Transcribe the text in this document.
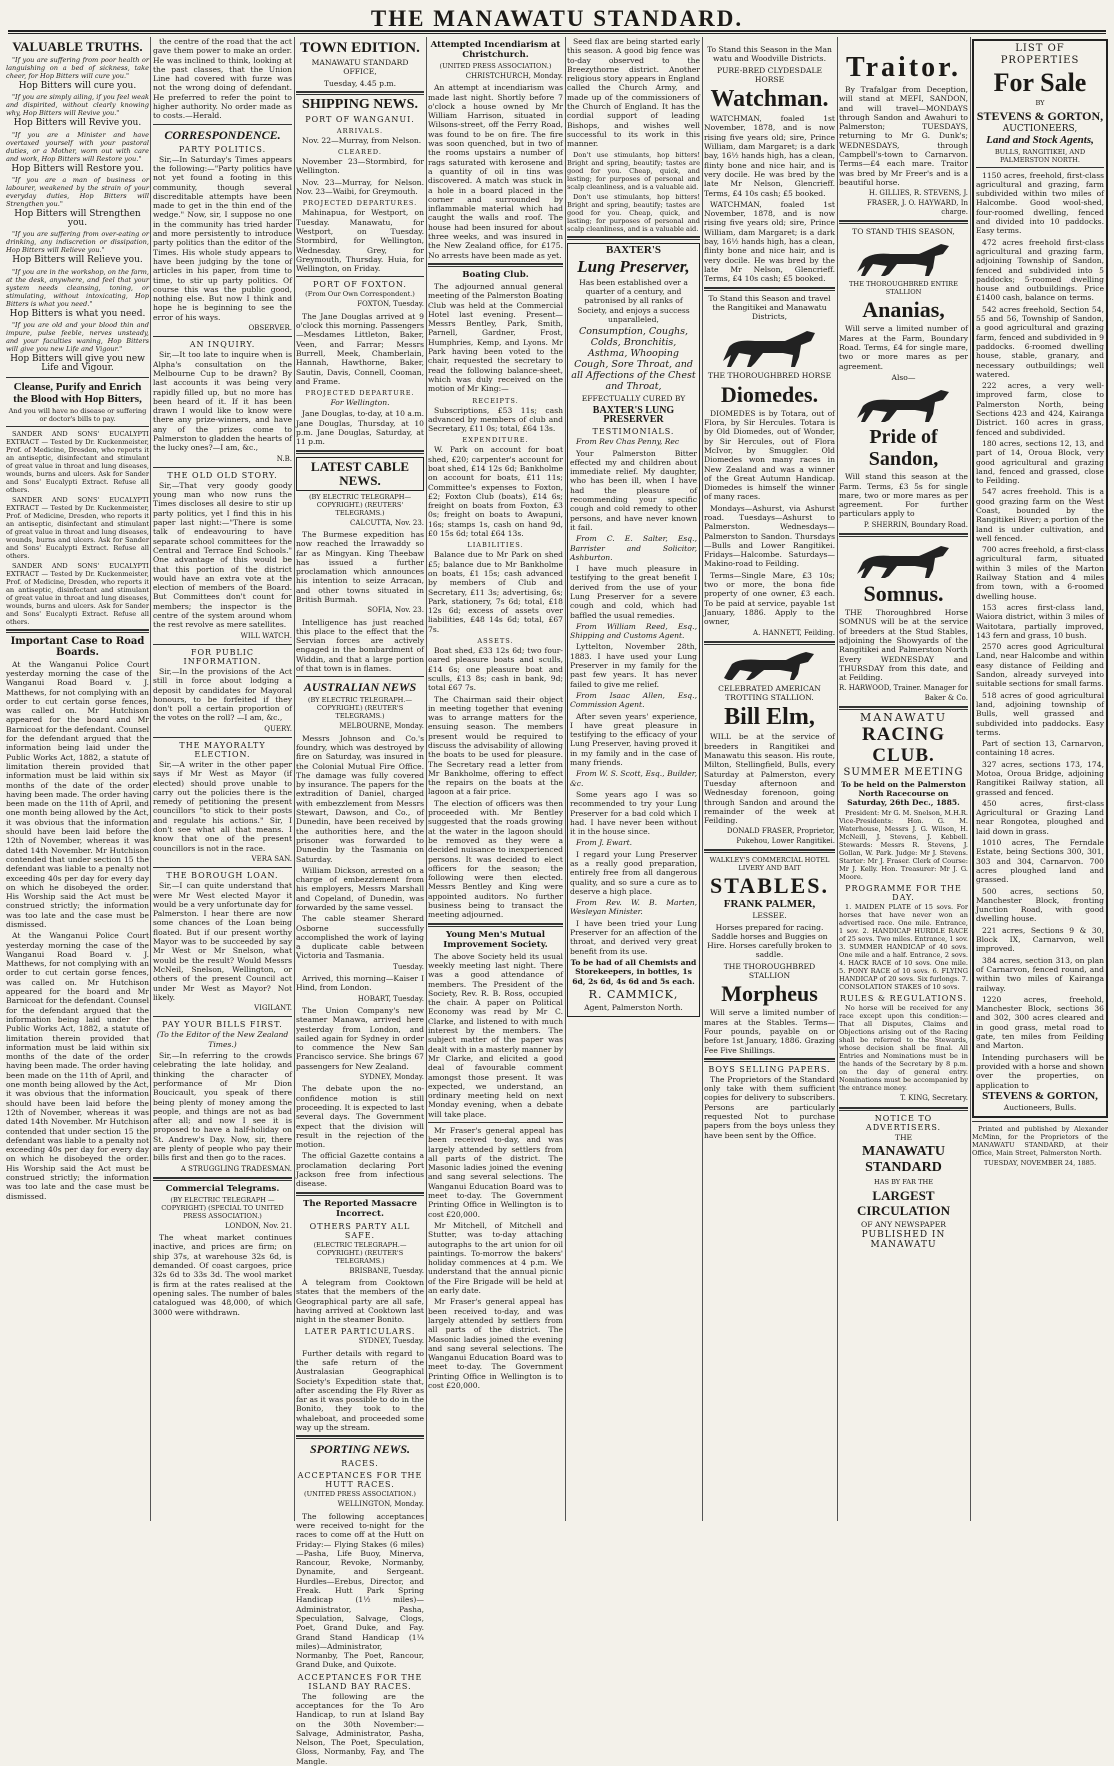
THE MANAWATU STANDARD.
VALUABLE TRUTHS.

"If you are suffering from poor health or languishing on a bed of sickness, take cheer, for Hop Bitters will cure you."

Hop Bitters will cure you.

"If you are simply ailing, if you feel weak and dispirited, without clearly knowing why, Hop Bitters will Revive you."

Hop Bitters will Revive you.

"If you are a Minister and have overtaxed yourself with your pastoral duties, or a Mother, worn out with care and work, Hop Bitters will Restore you."

Hop Bitters will Restore you.

"If you are a man of business or labourer, weakened by the strain of your everyday duties, Hop Bitters will Strengthen you."

Hop Bitters will Strengthen you.

"If you are suffering from over-eating or drinking, any indiscretion or dissipation, Hop Bitters will Relieve you."

Hop Bitters will Relieve you.

"If you are in the workshop, on the farm, at the desk, anywhere, and feel that your system needs cleansing, toning, or stimulating, without intoxicating, Hop Bitters is what you need."

Hop Bitters is what you need.

"If you are old and your blood thin and impure, pulse feeble, nerves unsteady, and your faculties waning, Hop Bitters will give you new Life and Vigour."

Hop Bitters will give you new Life and Vigour.

Cleanse, Purify and Enrich the Blood with Hop Bitters,

And you will have no disease or suffering or doctor's bills to pay.

SANDER AND SONS' EUCALYPTI EXTRACT — Tested by Dr. Kuckenmeister, Prof. of Medicine, Dresden, who reports it an antiseptic, disinfectant and stimulant of great value in throat and lung diseases, wounds, burns and ulcers. Ask for Sander and Sons' Eucalypti Extract. Refuse all others.

SANDER AND SONS' EUCALYPTI EXTRACT — Tested by Dr. Kuckenmeister, Prof. of Medicine, Dresden, who reports it an antiseptic, disinfectant and stimulant of great value in throat and lung diseases, wounds, burns and ulcers. Ask for Sander and Sons' Eucalypti Extract. Refuse all others.

SANDER AND SONS' EUCALYPTI EXTRACT — Tested by Dr. Kuckenmeister, Prof. of Medicine, Dresden, who reports it an antiseptic, disinfectant and stimulant of great value in throat and lung diseases, wounds, burns and ulcers. Ask for Sander and Sons' Eucalypti Extract. Refuse all others.

Important Case to Road Boards.

At the Wanganui Police Court yesterday morning the case of the Wanganui Road Board v. J. Matthews, for not complying with an order to cut certain gorse fences, was called on. Mr Hutchison appeared for the board and Mr Barnicoat for the defendant. Counsel for the defendant argued that the information being laid under the Public Works Act, 1882, a statute of limitation therein provided that information must be laid within six months of the date of the order having been made. The order having been made on the 11th of April, and one month being allowed by the Act, it was obvious that the information should have been laid before the 12th of November, whereas it was dated 14th November. Mr Hutchison contended that under section 15 the defendant was liable to a penalty not exceeding 40s per day for every day on which he disobeyed the order. His Worship said the Act must be construed strictly; the information was too late and the case must be dismissed.

At the Wanganui Police Court yesterday morning the case of the Wanganui Road Board v. J. Matthews, for not complying with an order to cut certain gorse fences, was called on. Mr Hutchison appeared for the board and Mr Barnicoat for the defendant. Counsel for the defendant argued that the information being laid under the Public Works Act, 1882, a statute of limitation therein provided that information must be laid within six months of the date of the order having been made. The order having been made on the 11th of April, and one month being allowed by the Act, it was obvious that the information should have been laid before the 12th of November, whereas it was dated 14th November. Mr Hutchison contended that under section 15 the defendant was liable to a penalty not exceeding 40s per day for every day on which he disobeyed the order. His Worship said the Act must be construed strictly; the information was too late and the case must be dismissed.

the centre of the road that the act gave them power to make an order. He was inclined to think, looking at the past classes, that the Union Line had covered with furze was not the wrong doing of defendant. He preferred to refer the point to higher authority. No order made as to costs.—Herald.

CORRESPONDENCE.
PARTY POLITICS.

Sir,—In Saturday's Times appears the following:—"Party politics have not yet found a footing in this community, though several discreditable attempts have been made to get in the thin end of the wedge." Now, sir, I suppose no one in the community has tried harder and more persistently to introduce party politics than the editor of the Times. His whole study appears to have been judging by the tone of articles in his paper, from time to time, to stir up party politics. Of course this was the public good, nothing else. But now I think and hope he is beginning to see the error of his ways.

OBSERVER.

AN INQUIRY.

Sir,—It too late to inquire when is Alpha's consultation on the Melbourne Cup to be drawn? By last accounts it was being very rapidly filled up, but no more has been heard of it. If it has been drawn I would like to know were there any prize-winners, and have any of the prizes come to Palmerston to gladden the hearts of the lucky ones?—I am, &c.,

N.B.

THE OLD OLD STORY.

Sir,—That very goody goody young man who now runs the Times discloses all desire to stir up party politics, yet I find this in his paper last night:—"There is some talk of endeavouring to have separate school committees for the Central and Terrace End Schools." One advantage of this would be that this portion of the district would have an extra vote at the election of members of the Board. But Committees don't count for members; the inspector is the centre of the system around whom the rest revolve as mere satellites.

WILL WATCH.

FOR PUBLIC INFORMATION.

Sir,—In the provisions of the Act still in force about lodging a deposit by candidates for Mayoral honours, to be forfeited if they don't poll a certain proportion of the votes on the roll? —I am, &c.,

QUERY.

THE MAYORALTY ELECTION.

Sir,—A writer in the other paper says if Mr West as Mayor (if elected) should prove unable to carry out the policies there is the remedy of petitioning the present councillors "to stick to their posts and regulate his actions." Sir, I don't see what all that means. I know that one of the present councillors is not in the race.

VERA SAN.

THE BOROUGH LOAN.

Sir,—I can quite understand that were Mr West elected Mayor it would be a very unfortunate day for Palmerston. I hear there are now some chances of the Loan being floated. But if our present worthy Mayor was to be succeeded by say Mr West or Mr Snelson, what would be the result? Would Messrs McNeil, Snelson, Wellington, or others of the present Council act under Mr West as Mayor? Not likely.

VIGILANT.

PAY YOUR BILLS FIRST.

(To the Editor of the New Zealand Times.)

Sir,—In referring to the crowds celebrating the late holiday, and thinking the character of performance of Mr Dion Boucicault, you speak of there being plenty of money among the people, and things are not as bad after all; and now I see it is proposed to have a half-holiday on St. Andrew's Day. Now, sir, there are plenty of people who pay their bills first and then go to the races.

A STRUGGLING TRADESMAN.

Commercial Telegrams.

(BY ELECTRIC TELEGRAPH — COPYRIGHT) (SPECIAL TO UNITED PRESS ASSOCIATION.)

LONDON, Nov. 21.

The wheat market continues inactive, and prices are firm; on ship 37s, at warehouse 32s 6d, is demanded. Of coast cargoes, price 32s 6d to 33s 3d. The wool market is firm at the rates realised at the opening sales. The number of bales catalogued was 48,000, of which 3000 were withdrawn.

TOWN EDITION.

MANAWATU STANDARD OFFICE,

Tuesday, 4.45 p.m.

SHIPPING NEWS.
PORT OF WANGANUI.
ARRIVALS.

Nov. 22—Murray, from Nelson.

CLEARED.

November 23—Stormbird, for Wellington.

Nov. 23—Murray, for Nelson. Nov. 23—Waibi, for Greymouth.

PROJECTED DEPARTURES.

Mahinapua, for Westport, on Tuesday. Manawatu, for Westport, on Tuesday. Stormbird, for Wellington, Wednesday. Grey, for Greymouth, Thursday. Huia, for Wellington, on Friday.

PORT OF FOXTON.

(From Our Own Correspondent.)

FOXTON, Tuesday.

The Jane Douglas arrived at 9 o'clock this morning. Passengers—Mesdames Littleton, Baker, Veen, and Farrar; Messrs Burrell, Meek, Chamberlain, Hannah, Hawthorne, Baker, Sautin, Davis, Connell, Cooman, and Frame.

PROJECTED DEPARTURE.

For Wellington.

Jane Douglas, to-day, at 10 a.m. Jane Douglas, Thursday, at 10 p.m. Jane Douglas, Saturday, at 11 p.m.

LATEST CABLE NEWS.

(BY ELECTRIC TELEGRAPH—COPYRIGHT.) (REUTERS' TELEGRAMS.)

CALCUTTA, Nov. 23.

The Burmese expedition has now reached the Irrawaddy so far as Mingyan. King Theebaw has issued a further proclamation which announces his intention to seize Arracan, and other towns situated in British Burmah.

SOFIA, Nov. 23.

Intelligence has just reached this place to the effect that the Servian forces are actively engaged in the bombardment of Widdin, and that a large portion of that town is in flames.

AUSTRALIAN NEWS

(BY ELECTRIC TELEGRAPH.—COPYRIGHT.) (REUTER'S TELEGRAMS.)

MELBOURNE, Monday.

Messrs Johnson and Co.'s foundry, which was destroyed by fire on Saturday, was insured in the Colonial Mutual Fire Office. The damage was fully covered by insurance. The papers for the extradition of Daniel, charged with embezzlement from Messrs Stewart, Dawson, and Co., of Dunedin, have been received by the authorities here, and the prisoner was forwarded to Dunedin by the Tasmania on Saturday.

William Dickson, arrested on a charge of embezzlement from his employers, Messrs Marshall and Copeland, of Dunedin, was forwarded by the same vessel.

The cable steamer Sherard Osborne successfully accomplished the work of laying a duplicate cable between Victoria and Tasmania.

Tuesday.

Arrived, this morning—Kaiser I Hind, from London.

HOBART, Tuesday.

The Union Company's new steamer Manawa, arrived here yesterday from London, and sailed again for Sydney in order to commence the New San Francisco service. She brings 67 passengers for New Zealand.

SYDNEY, Monday.

The debate upon the no-confidence motion is still proceeding. It is expected to last several days. The Government expect that the division will result in the rejection of the motion.

The official Gazette contains a proclamation declaring Port Jackson free from infectious disease.

The Reported Massacre Incorrect.
OTHERS PARTY ALL SAFE.

(ELECTRIC TELEGRAPH.—COPYRIGHT.) (REUTER'S TELEGRAMS.)

BRISBANE, Tuesday.

A telegram from Cooktown states that the members of the Geographical party are all safe, having arrived at Cooktown last night in the steamer Bonito.

LATER PARTICULARS.

SYDNEY, Tuesday.

Further details with regard to the safe return of the Australasian Geographical Society's Expedition state that, after ascending the Fly River as far as it was possible to do in the Bonito, they took to the whaleboat, and proceeded some way up the stream.

SPORTING NEWS.
RACES.
ACCEPTANCES FOR THE HUTT RACES.

(UNITED PRESS ASSOCIATION.)

WELLINGTON, Monday.

The following acceptances were received to-night for the races to come off at the Hutt on Friday:— Flying Stakes (6 miles)—Pasha, Life Buoy, Minerva, Rancour, Revoke, Normanby, Dynamite, and Sergeant. Hurdles—Erebus, Director, and Freak. Hutt Park Spring Handicap (1½ miles)—Administrator, Pasha, Speculation, Salvage, Clogs, Poet, Grand Duke, and Fay. Grand Stand Handicap (1¼ miles)—Administrator, Normanby, The Poet, Rancour, Grand Duke, and Quixote.

ACCEPTANCES FOR THE ISLAND BAY RACES.

The following are the acceptances for the To Aro Handicap, to run at Island Bay on the 30th November:—Salvage, Administrator, Pasha, Nelson, The Poet, Speculation, Gloss, Normanby, Fay, and The Mangle.

Attempted Incendiarism at Christchurch.

(UNITED PRESS ASSOCIATION.)

CHRISTCHURCH, Monday.

An attempt at incendiarism was made last night. Shortly before 7 o'clock a house owned by Mr William Harrison, situated in Wilsons-street, off the Ferry Road, was found to be on fire. The fire was soon quenched, but in two of the rooms upstairs a number of rags saturated with kerosene and a quantity of oil in tins was discovered. A match was stuck in a hole in a board placed in the corner and surrounded by inflammable material which had caught the walls and roof. The house had been insured for about three weeks, and was insured in the New Zealand office, for £175. No arrests have been made as yet.

Boating Club.

The adjourned annual general meeting of the Palmerston Boating Club was held at the Commercial Hotel last evening. Present—Messrs Bentley, Park, Smith, Parnell, Gardner, Frost, Humphries, Kemp, and Lyons. Mr Park having been voted to the chair, requested the secretary to read the following balance-sheet, which was duly received on the motion of Mr King:—

RECEIPTS.

Subscriptions, £53 11s; cash advanced by members of club and Secretary, £11 0s; total, £64 13s.

EXPENDITURE.

W. Park on account for boat shed, £20; carpenter's account for boat shed, £14 12s 6d; Bankholme on account for boats, £11 11s; Committee's expenses to Foxton, £2; Foxton Club (boats), £14 6s; freight on boats from Foxton, £3 0s; freight on boats to Awapuni, 16s; stamps 1s, cash on hand 9d, £0 15s 6d; total £64 13s.

LIABILITIES.

Balance due to Mr Park on shed £5; balance due to Mr Bankholme on boats, £1 15s; cash advanced by members of Club and Secretary, £11 3s; advertising, 6s; Park, stationery, 7s 6d; total, £18 12s 6d; excess of assets over liabilities, £48 14s 6d; total, £67 7s.

ASSETS.

Boat shed, £33 12s 6d; two four-oared pleasure boats and sculls, £14 6s; one pleasure boat and sculls, £13 8s; cash in bank, 9d; total £67 7s.

The Chairman said their object in meeting together that evening was to arrange matters for the ensuing season. The members present would be required to discuss the advisability of allowing the boats to be used for pleasure. The Secretary read a letter from Mr Bankholme, offering to effect the repairs on the boats at the lagoon at a fair price.

The election of officers was then proceeded with. Mr Bentley suggested that the roads growing at the water in the lagoon should be removed as they were a decided nuisance to inexperienced persons. It was decided to elect officers for the season; the following were then elected. Messrs Bentley and King were appointed auditors. No further business being to transact the meeting adjourned.

Young Men's Mutual Improvement Society.

The above Society held its usual weekly meeting last night. There was a good attendance of members. The President of the Society, Rev. R. B. Ross, occupied the chair. A paper on Political Economy was read by Mr C. Clarke, and listened to with much interest by the members. The subject matter of the paper was dealt with in a masterly manner by Mr Clarke, and elicited a good deal of favourable comment amongst those present. It was expected, we understand, an ordinary meeting held on next Monday evening, when a debate will take place.

Mr Fraser's general appeal has been received to-day, and was largely attended by settlers from all parts of the district. The Masonic ladies joined the evening and sang several selections. The Wanganui Education Board was to meet to-day. The Government Printing Office in Wellington is to cost £20,000.

Mr Mitchell, of Mitchell and Stutter, was to-day attaching autographs to the art union for oil paintings. To-morrow the bakers' holiday commences at 4 p.m. We understand that the annual picnic of the Fire Brigade will be held at an early date.

Mr Fraser's general appeal has been received to-day, and was largely attended by settlers from all parts of the district. The Masonic ladies joined the evening and sang several selections. The Wanganui Education Board was to meet to-day. The Government Printing Office in Wellington is to cost £20,000.

Seed flax are being started early this season. A good big fence was to-day observed to the Breezythorne district. Another religious story appears in England called the Church Army, and made up of the commissioners of the Church of England. It has the cordial support of leading Bishops, and wishes well successful to its work in this manner.

Don't use stimulants, hop bitters! Bright and spring, beautify; tastes are good for you. Cheap, quick, and lasting; for purposes of personal and scalp cleanliness, and is a valuable aid.

Don't use stimulants, hop bitters! Bright and spring, beautify; tastes are good for you. Cheap, quick, and lasting; for purposes of personal and scalp cleanliness, and is a valuable aid.

BAXTER'S

Lung Preserver,

Has been established over a quarter of a century, and patronised by all ranks of Society, and enjoys a success unparalleled,

Consumption, Coughs, Colds, Bronchitis, Asthma, Whooping Cough, Sore Throat, and all Affections of the Chest and Throat,

EFFECTUALLY CURED BY

BAXTER'S LUNG PRESERVER

TESTIMONIALS.

From Rev Chas Penny, Rec

Your Palmerston Bitter effected my and children about immediate relief. My daughter, who has been ill, when I have had the pleasure of recommending your specific cough and cold remedy to other persons, and have never known it fail.

From C. E. Salter, Esq., Barrister and Solicitor, Ashburton.

I have much pleasure in testifying to the great benefit I derived from the use of your Lung Preserver for a severe cough and cold, which had baffled the usual remedies.

From William Reed, Esq., Shipping and Customs Agent.

Lyttelton, November 28th, 1883. I have used your Lung Preserver in my family for the past few years. It has never failed to give me relief.

From Isaac Allen, Esq., Commission Agent.

After seven years' experience, I have great pleasure in testifying to the efficacy of your Lung Preserver, having proved it in my family and in the case of many friends.

From W. S. Scott, Esq., Builder, &c.

Some years ago I was so recommended to try your Lung Preserver for a bad cold which I had. I have never been without it in the house since.

From J. Ewart.

I regard your Lung Preserver as a really good preparation, entirely free from all dangerous quality, and so sure a cure as to deserve a high place.

From Rev. W. B. Marten, Wesleyan Minister.

I have been tried your Lung Preserver for an affection of the throat, and derived very great benefit from its use.

To be had of all Chemists and Storekeepers, in bottles, 1s 6d, 2s 6d, 4s 6d and 5s each.

R. CAMMICK,

Agent, Palmerston North.

To Stand this Season in the Man watu and Woodville Districts.

PURE-BRED CLYDESDALE HORSE

Watchman.

WATCHMAN, foaled 1st November, 1878, and is now rising five years old; sire, Prince William, dam Margaret; is a dark bay, 16½ hands high, has a clean, flinty bone and nice hair, and is very docile. He was bred by the late Mr Nelson, Glencrieff. Terms, £4 10s cash; £5 booked.

WATCHMAN, foaled 1st November, 1878, and is now rising five years old; sire, Prince William, dam Margaret; is a dark bay, 16½ hands high, has a clean, flinty bone and nice hair, and is very docile. He was bred by the late Mr Nelson, Glencrieff. Terms, £4 10s cash; £5 booked.

To Stand this Season and travel the Rangitikei and Manawatu Districts,

THE THOROUGHBRED HORSE

Diomedes.

DIOMEDES is by Totara, out of Flora, by Sir Hercules. Totara is by Old Diomedes, out of Wonder, by Sir Hercules, out of Flora McIvor, by Smuggler. Old Diomedes won many races in New Zealand and was a winner of the Great Autumn Handicap. Diomedes is himself the winner of many races.

Mondays—Ashurst, via Ashurst road. Tuesdays—Ashurst to Palmerston. Wednesdays—Palmerston to Sandon. Thursdays—Bulls and Lower Rangitikei. Fridays—Halcombe. Saturdays—Makino-road to Feilding.

Terms—Single Mare, £3 10s; two or more, the bona fide property of one owner, £3 each. To be paid at service, payable 1st January, 1886. Apply to the owner,

A. HANNETT, Feilding.

CELEBRATED AMERICAN TROTTING STALLION.

Bill Elm,

WILL be at the service of breeders in Rangitikei and Manawatu this season. His route, Milton, Stellingfield, Bulls, every Saturday at Palmerston, every Tuesday afternoon and Wednesday forenoon, going through Sandon and around the remainder of the week at Feilding.

DONALD FRASER, Proprietor, Pukehou, Lower Rangitikei.

WALKLEY'S COMMERCIAL HOTEL LIVERY AND BAIT

STABLES.

FRANK PALMER,

LESSEE.

Horses prepared for racing. Saddle horses and Buggies on Hire. Horses carefully broken to saddle.

THE THOROUGHBRED STALLION

Morpheus

Will serve a limited number of mares at the Stables. Terms—Four pounds, payable on or before 1st January, 1886. Grazing Fee Five Shillings.

BOYS SELLING PAPERS.

The Proprietors of the Standard only take with them sufficient copies for delivery to subscribers. Persons are particularly requested Not to purchase papers from the boys unless they have been sent by the Office.

Traitor.

By Trafalgar from Deception, will stand at MEFI, SANDON, and will travel—MONDAYS through Sandon and Awahuri to Palmerston; TUESDAYS, returning to Mr G. Dunk's; WEDNESDAYS, through Campbell's-town to Carnarvon. Terms—£4 each mare. Traitor was bred by Mr Freer's and is a beautiful horse.

H. GILLIES, R. STEVENS, J. FRASER, J. O. HAYWARD, In charge.

TO STAND THIS SEASON,

THE THOROUGHBRED ENTIRE STALLION

Ananias,

Will serve a limited number of Mares at the Farm, Boundary Road. Terms, £4 for single mare, two or more mares as per agreement.

Also—

Pride of Sandon,

Will stand this season at the Farm. Terms, £3 5s for single mare, two or more mares as per agreement. For further particulars apply to

P. SHERRIN, Boundary Road.

Somnus.

THE Thoroughbred Horse SOMNUS will be at the service of breeders at the Stud Stables, adjoining the Showyards of the Rangitikei and Palmerston North Every WEDNESDAY and THURSDAY from this date, and at Feilding.

R. HARWOOD, Trainer. Manager for Baker & Co.

MANAWATU

RACING CLUB.

SUMMER MEETING

To be held on the Palmerston North Racecourse on Saturday, 26th Dec., 1885.

President: Mr G. M. Snelson, M.H.R. Vice-Presidents: Hon. G. M. Waterhouse, Messrs J. G. Wilson, H. McNeill, J. Stevens, J. Kebbell. Stewards: Messrs R. Stevens, J. Gollan, W. Park. Judge: Mr J. Stevens. Starter: Mr J. Fraser. Clerk of Course: Mr J. Kelly. Hon. Treasurer: Mr J. G. Moore.

PROGRAMME FOR THE DAY.

1. MAIDEN PLATE of 15 sovs. For horses that have never won an advertised race. One mile. Entrance, 1 sov. 2. HANDICAP HURDLE RACE of 25 sovs. Two miles. Entrance, 1 sov. 3. SUMMER HANDICAP of 40 sovs. One mile and a half. Entrance, 2 sovs. 4. HACK RACE of 10 sovs. One mile. 5. PONY RACE of 10 sovs. 6. FLYING HANDICAP of 20 sovs. Six furlongs. 7. CONSOLATION STAKES of 10 sovs.

RULES & REGULATIONS.

No horse will be received for any race except upon this condition:—That all Disputes, Claims and Objections arising out of the Racing shall be referred to the Stewards, whose decision shall be final. All Entries and Nominations must be in the hands of the Secretary by 8 p.m. on the day of general entry. Nominations must be accompanied by the entrance money.

T. KING, Secretary.

NOTICE TO ADVERTISERS.

THE

MANAWATU STANDARD

HAS BY FAR THE

LARGEST CIRCULATION

OF ANY NEWSPAPER

PUBLISHED IN MANAWATU

LIST OF PROPERTIES

For Sale

BY

STEVENS & GORTON,

AUCTIONEERS,

Land and Stock Agents,

BULLS, RANGITIKEI, AND PALMERSTON NORTH.

1150 acres, freehold, first-class agricultural and grazing, farm subdivided within two miles of Halcombe. Good wool-shed, four-roomed dwelling, fenced and divided into 10 paddocks. Easy terms.

472 acres freehold first-class agricultural and grazing farm, adjoining Township of Sandon, fenced and subdivided into 5 paddocks; 5-roomed dwelling house and outbuildings. Price £1400 cash, balance on terms.

542 acres freehold, Section 54, 55 and 56, Township of Sandon, a good agricultural and grazing farm, fenced and subdivided in 9 paddocks. 6-roomed dwelling house, stable, granary, and necessary outbuildings; well watered.

222 acres, a very well-improved farm, close to Palmerston North, being Sections 423 and 424, Kairanga District. 160 acres in grass, fenced and subdivided.

180 acres, sections 12, 13, and part of 14, Oroua Block, very good agricultural and grazing land, fenced and grassed, close to Feilding.

547 acres freehold. This is a good grazing farm on the West Coast, bounded by the Rangitikei River; a portion of the land is under cultivation, and well fenced.

700 acres freehold, a first-class agricultural farm, situated within 3 miles of the Marton Railway Station and 4 miles from town, with a 6-roomed dwelling house.

153 acres first-class land, Waiora district, within 3 miles of Waitotara, partially improved, 143 fern and grass, 10 bush.

2570 acres good Agricultural Land, near Halcombe and within easy distance of Feilding and Sandon, already surveyed into suitable sections for small farms.

518 acres of good agricultural land, adjoining township of Bulls, well grassed and subdivided into paddocks. Easy terms.

Part of section 13, Carnarvon, containing 18 acres.

327 acres, sections 173, 174, Motoa, Oroua Bridge, adjoining Rangitikei Railway station, all grassed and fenced.

450 acres, first-class Agricultural or Grazing Land near Rongotea, ploughed and laid down in grass.

1010 acres, The Ferndale Estate, being Sections 300, 301, 303 and 304, Carnarvon. 700 acres ploughed land and grassed.

500 acres, sections 50, Manchester Block, fronting Junction Road, with good dwelling house.

221 acres, Sections 9 & 30, Block IX, Carnarvon, well improved.

384 acres, section 313, on plan of Carnarvon, fenced round, and within two miles of Kairanga railway.

1220 acres, freehold, Manchester Block, sections 36 and 302, 300 acres cleared and in good grass, metal road to gate, ten miles from Feilding and Marton.

Intending purchasers will be provided with a horse and shown over the properties, on application to

STEVENS & GORTON,

Auctioneers, Bulls.

Printed and published by Alexander McMinn, for the Proprietors of the MANAWATU STANDARD, at their Office, Main Street, Palmerston North.

TUESDAY, NOVEMBER 24, 1885.
